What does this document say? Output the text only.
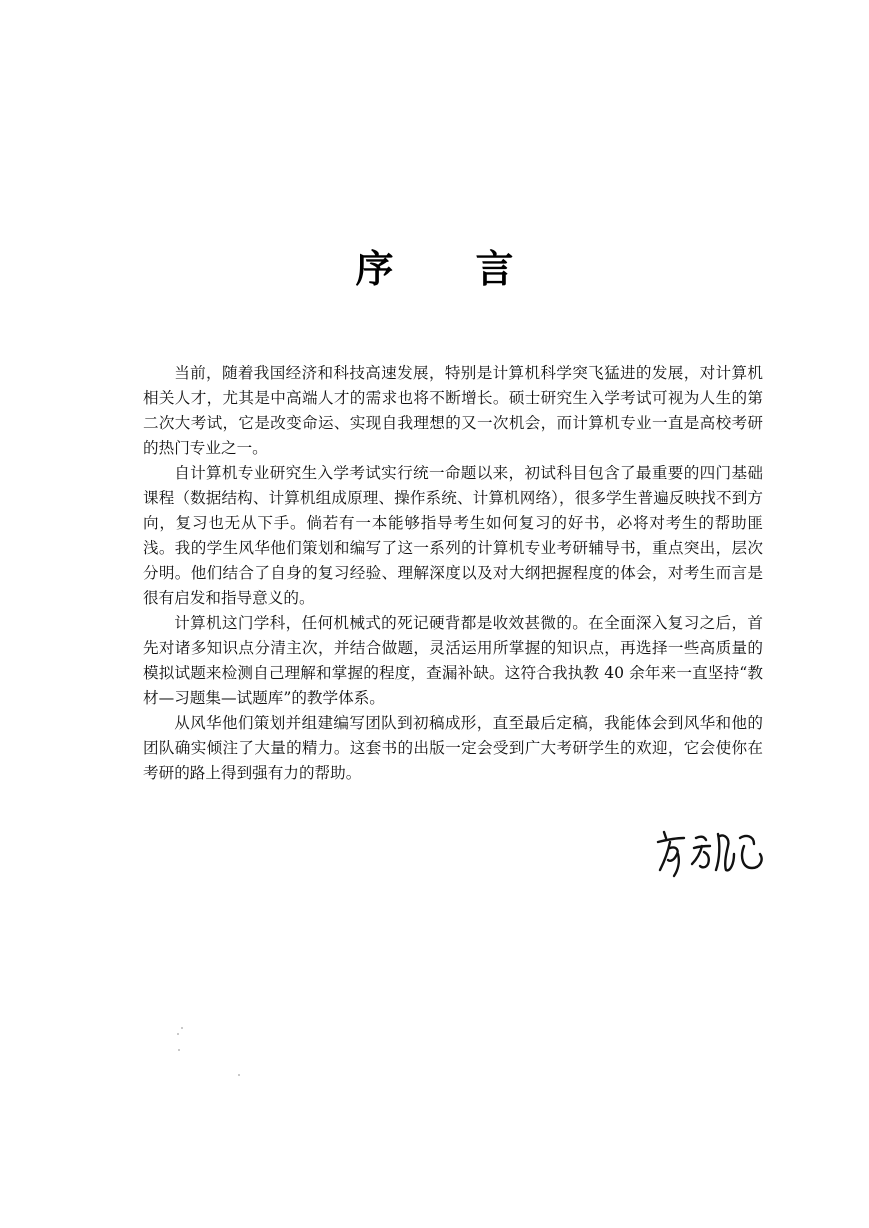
序 言

当前，随着我国经济和科技高速发展，特别是计算机科学突飞猛进的发展，对计算机相关人才，尤其是中高端人才的需求也将不断增长。硕士研究生入学考试可视为人生的第二次大考试，它是改变命运、实现自我理想的又一次机会，而计算机专业一直是高校考研的热门专业之一。

自计算机专业研究生入学考试实行统一命题以来，初试科目包含了最重要的四门基础课程（数据结构、计算机组成原理、操作系统、计算机网络），很多学生普遍反映找不到方向，复习也无从下手。倘若有一本能够指导考生如何复习的好书，必将对考生的帮助匪浅。我的学生风华他们策划和编写了这一系列的计算机专业考研辅导书，重点突出，层次分明。他们结合了自身的复习经验、理解深度以及对大纲把握程度的体会，对考生而言是很有启发和指导意义的。

计算机这门学科，任何机械式的死记硬背都是收效甚微的。在全面深入复习之后，首先对诸多知识点分清主次，并结合做题，灵活运用所掌握的知识点，再选择一些高质量的模拟试题来检测自己理解和掌握的程度，查漏补缺。这符合我执教 40 余年来一直坚持“教材—习题集—试题库”的教学体系。

从风华他们策划并组建编写团队到初稿成形，直至最后定稿，我能体会到风华和他的团队确实倾注了大量的精力。这套书的出版一定会受到广大考研学生的欢迎，它会使你在考研的路上得到强有力的帮助。
